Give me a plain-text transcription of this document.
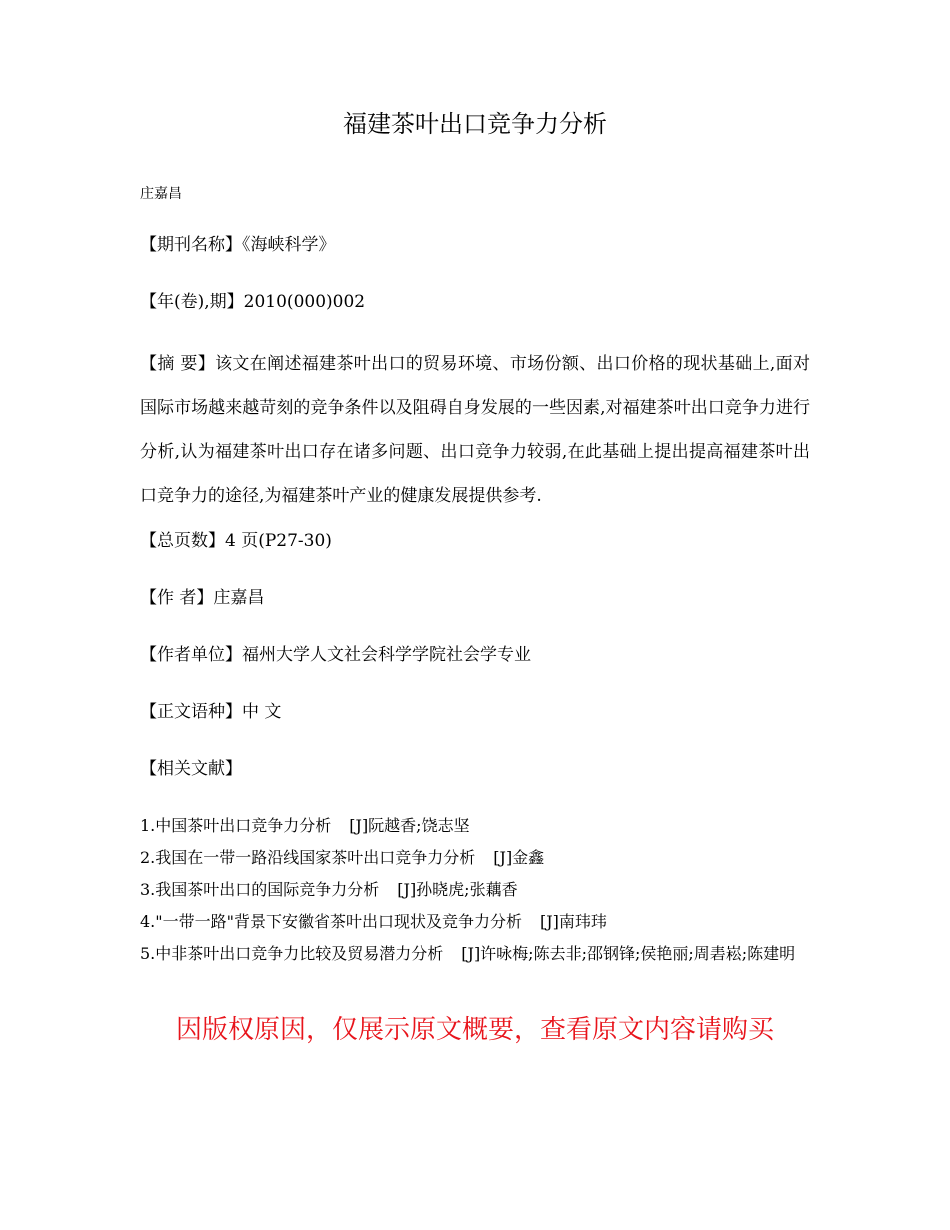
福建茶叶出口竞争力分析
庄嘉昌
【期刊名称】《海峡科学》
【年(卷),期】2010(000)002
【摘 要】该文在阐述福建茶叶出口的贸易环境、市场份额、出口价格的现状基础上,面对国际市场越来越苛刻的竞争条件以及阻碍自身发展的一些因素,对福建茶叶出口竞争力进行分析,认为福建茶叶出口存在诸多问题、出口竞争力较弱,在此基础上提出提高福建茶叶出口竞争力的途径,为福建茶叶产业的健康发展提供参考.
【总页数】4 页(P27-30)
【作 者】庄嘉昌
【作者单位】福州大学人文社会科学学院社会学专业
【正文语种】中 文
【相关文献】
1.中国茶叶出口竞争力分析 [J]阮越香;饶志坚
2.我国在一带一路沿线国家茶叶出口竞争力分析 [J]金鑫
3.我国茶叶出口的国际竞争力分析 [J]孙晓虎;张藕香
4."一带一路"背景下安徽省茶叶出口现状及竞争力分析 [J]南玮玮
5.中非茶叶出口竞争力比较及贸易潜力分析 [J]许咏梅;陈去非;邵钢锋;侯艳丽;周砉崧;陈建明
因版权原因，仅展示原文概要，查看原文内容请购买
